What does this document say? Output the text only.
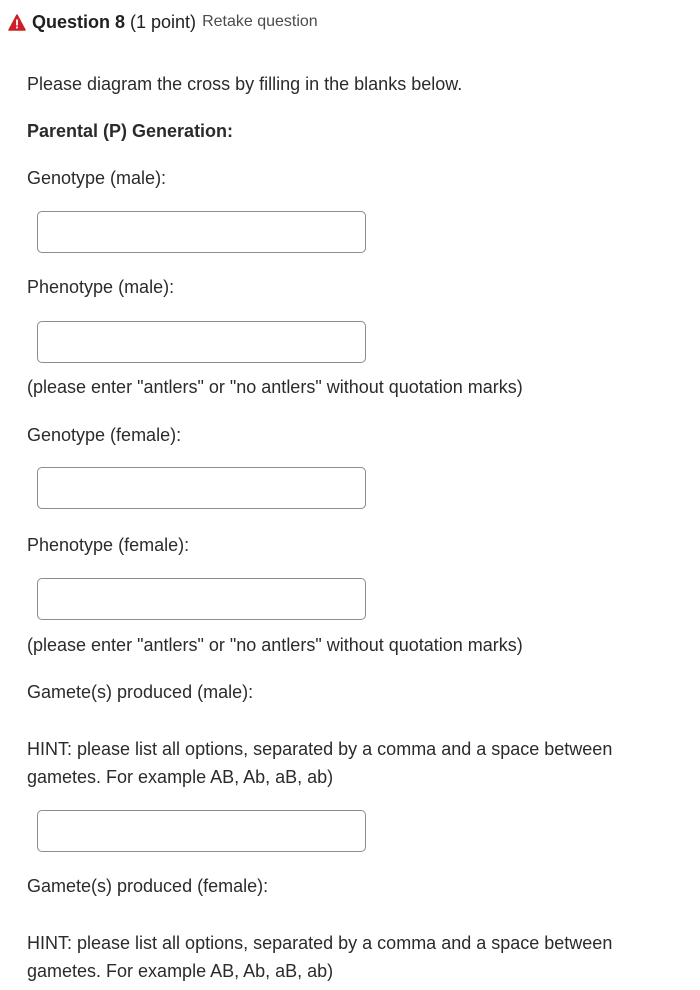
Question 8 (1 point) Retake question
Please diagram the cross by filling in the blanks below.
Parental (P) Generation:
Genotype (male):
Phenotype (male):
(please enter "antlers" or "no antlers" without quotation marks)
Genotype (female):
Phenotype (female):
(please enter "antlers" or "no antlers" without quotation marks)
Gamete(s) produced (male):
HINT: please list all options, separated by a comma and a space between gametes. For example AB, Ab, aB, ab)
Gamete(s) produced (female):
HINT: please list all options, separated by a comma and a space between gametes. For example AB, Ab, aB, ab)
